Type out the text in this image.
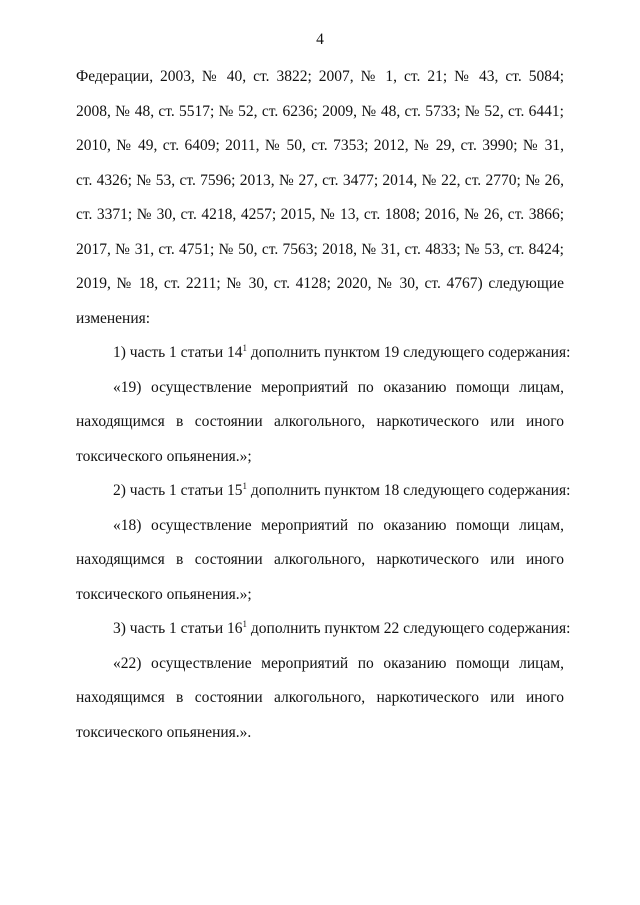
4
Федерации, 2003, № 40, ст. 3822; 2007, № 1, ст. 21; № 43, ст. 5084;
2008, № 48, ст. 5517; № 52, ст. 6236; 2009, № 48, ст. 5733; № 52, ст. 6441;
2010, № 49, ст. 6409; 2011, № 50, ст. 7353; 2012, № 29, ст. 3990; № 31,
ст. 4326; № 53, ст. 7596; 2013, № 27, ст. 3477; 2014, № 22, ст. 2770; № 26,
ст. 3371; № 30, ст. 4218, 4257; 2015, № 13, ст. 1808; 2016, № 26, ст. 3866;
2017, № 31, ст. 4751; № 50, ст. 7563; 2018, № 31, ст. 4833; № 53, ст. 8424;
2019, № 18, ст. 2211; № 30, ст. 4128; 2020, № 30, ст. 4767) следующие
изменения:
1) часть 1 статьи $14^1$ дополнить пунктом 19 следующего содержания:
«19) осуществление мероприятий по оказанию помощи лицам,
находящимся в состоянии алкогольного, наркотического или иного
токсического опьянения.»;
2) часть 1 статьи $15^1$ дополнить пунктом 18 следующего содержания:
«18) осуществление мероприятий по оказанию помощи лицам,
находящимся в состоянии алкогольного, наркотического или иного
токсического опьянения.»;
3) часть 1 статьи $16^1$ дополнить пунктом 22 следующего содержания:
«22) осуществление мероприятий по оказанию помощи лицам,
находящимся в состоянии алкогольного, наркотического или иного
токсического опьянения.».
